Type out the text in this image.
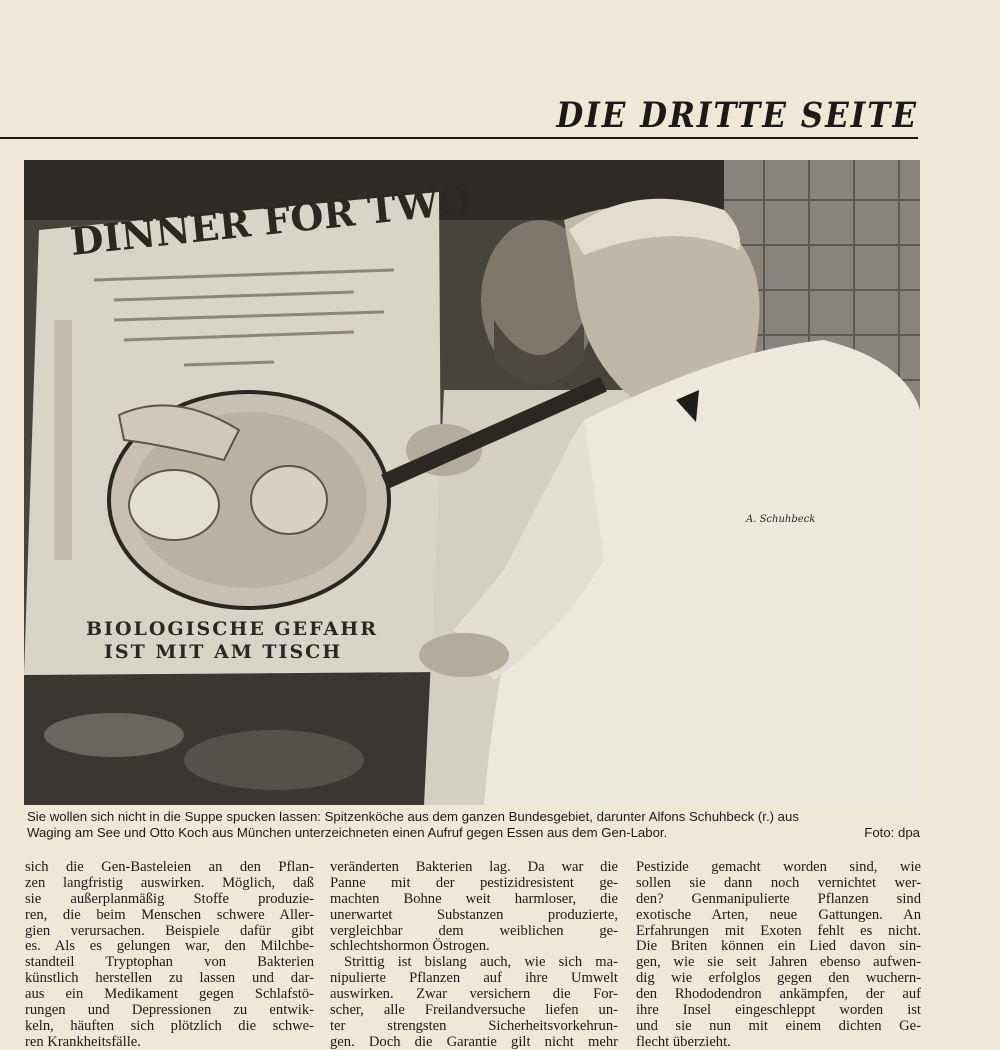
DIE DRITTE SEITE
DINNER FOR TWO
BIOLOGISCHE GEFAHR
IST MIT AM TISCH
A. Schuhbeck
Sie wollen sich nicht in die Suppe spucken lassen: Spitzenköche aus dem ganzen Bundesgebiet, darunter Alfons Schuhbeck (r.) aus
Waging am See und Otto Koch aus München unterzeichneten einen Aufruf gegen Essen aus dem Gen-Labor.	Foto: dpa
sich die Gen-Basteleien an den Pflan-
zen langfristig auswirken. Möglich, daß
sie außerplanmäßig Stoffe produzie-
ren, die beim Menschen schwere Aller-
gien verursachen. Beispiele dafür gibt
es. Als es gelungen war, den Milchbe-
standteil Tryptophan von Bakterien
künstlich herstellen zu lassen und dar-
aus ein Medikament gegen Schlafstö-
rungen und Depressionen zu entwik-
keln, häuften sich plötzlich die schwe-
ren Krankheitsfälle.
veränderten Bakterien lag. Da war die
Panne mit der pestizidresistent ge-
machten Bohne weit harmloser, die
unerwartet Substanzen produzierte,
vergleichbar dem weiblichen ge-
schlechtshormon Östrogen.
Strittig ist bislang auch, wie sich ma-
nipulierte Pflanzen auf ihre Umwelt
auswirken. Zwar versichern die For-
scher, alle Freilandversuche liefen un-
ter strengsten Sicherheitsvorkehrun-
gen. Doch die Garantie gilt nicht mehr
Pestizide gemacht worden sind, wie
sollen sie dann noch vernichtet wer-
den? Genmanipulierte Pflanzen sind
exotische Arten, neue Gattungen. An
Erfahrungen mit Exoten fehlt es nicht.
Die Briten können ein Lied davon sin-
gen, wie sie seit Jahren ebenso aufwen-
dig wie erfolglos gegen den wuchern-
den Rhododendron ankämpfen, der auf
ihre Insel eingeschleppt worden ist
und sie nun mit einem dichten Ge-
flecht überzieht.
